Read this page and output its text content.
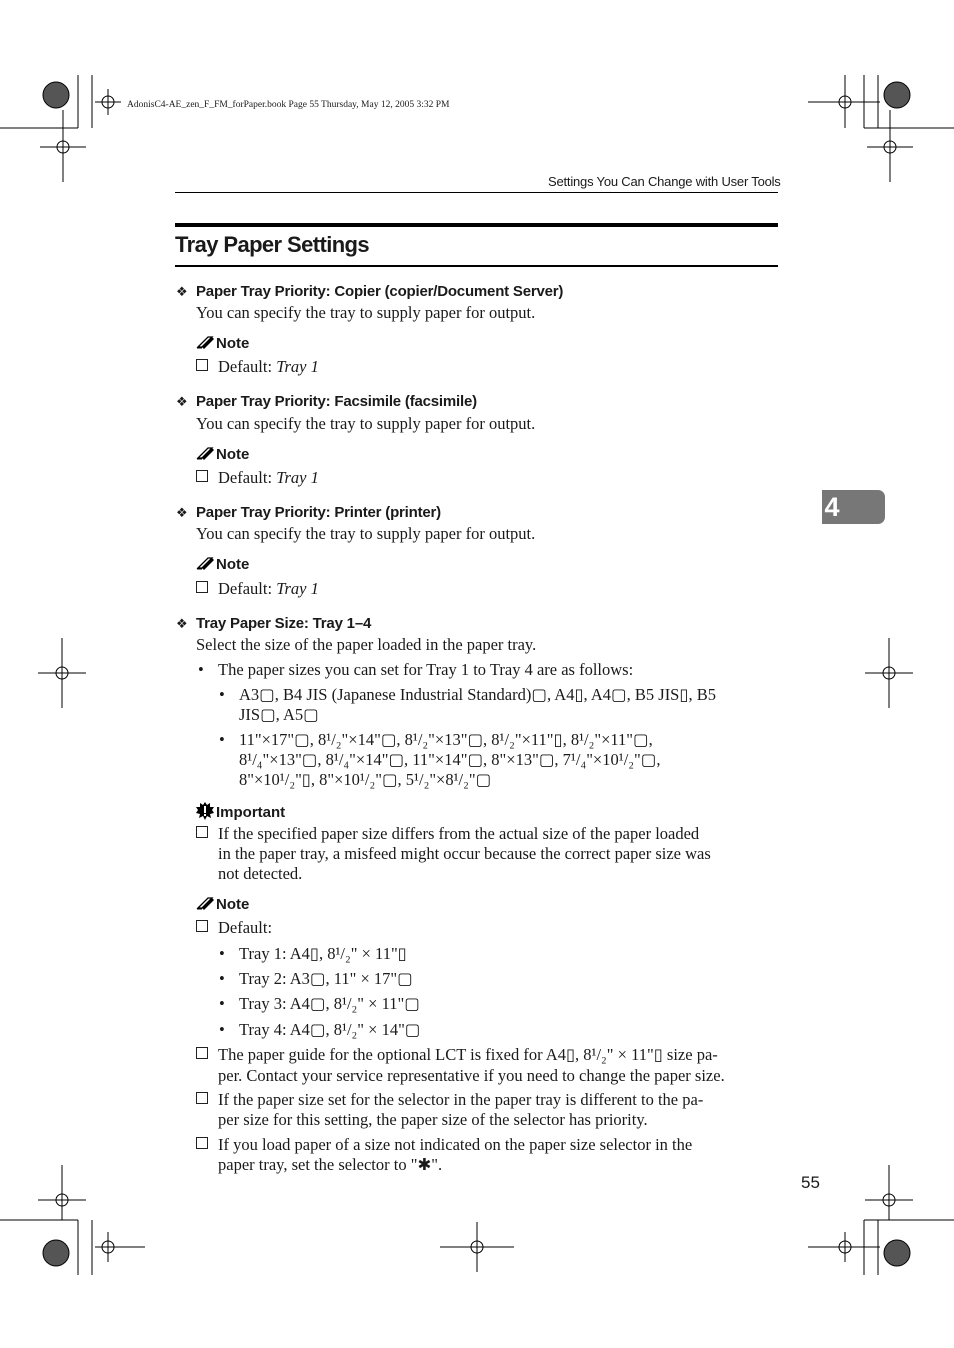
AdonisC4-AE_zen_F_FM_forPaper.book Page 55 Thursday, May 12, 2005 3:32 PM
Settings You Can Change with User Tools
Tray Paper Settings
❖ Paper Tray Priority: Copier (copier/Document Server)
You can specify the tray to supply paper for output.
Note
Default: Tray 1
❖ Paper Tray Priority: Facsimile (facsimile)
You can specify the tray to supply paper for output.
Note
Default: Tray 1
❖ Paper Tray Priority: Printer (printer)
You can specify the tray to supply paper for output.
Note
Default: Tray 1
❖ Tray Paper Size: Tray 1–4
Select the size of the paper loaded in the paper tray.
• The paper sizes you can set for Tray 1 to Tray 4 are as follows:
• A3▢, B4 JIS (Japanese Industrial Standard)▢, A4▯, A4▢, B5 JIS▯, B5
JIS▢, A5▢
• 11"×17"▢, 8¹/₂"×14"▢, 8¹/₂"×13"▢, 8¹/₂"×11"▯, 8¹/₂"×11"▢,
8¹/₄"×13"▢, 8¹/₄"×14"▢, 11"×14"▢, 8"×13"▢, 7¹/₄"×10¹/₂"▢,
8"×10¹/₂"▯, 8"×10¹/₂"▢, 5¹/₂"×8¹/₂"▢
Important
If the specified paper size differs from the actual size of the paper loaded
in the paper tray, a misfeed might occur because the correct paper size was
not detected.
Note
Default:
• Tray 1: A4▯, 8¹/₂" × 11"▯
• Tray 2: A3▢, 11" × 17"▢
• Tray 3: A4▢, 8¹/₂" × 11"▢
• Tray 4: A4▢, 8¹/₂" × 14"▢
The paper guide for the optional LCT is fixed for A4▯, 8¹/₂" × 11"▯ size pa-
per. Contact your service representative if you need to change the paper size.
If the paper size set for the selector in the paper tray is different to the pa-
per size for this setting, the paper size of the selector has priority.
If you load paper of a size not indicated on the paper size selector in the
paper tray, set the selector to "✱".
4
55
